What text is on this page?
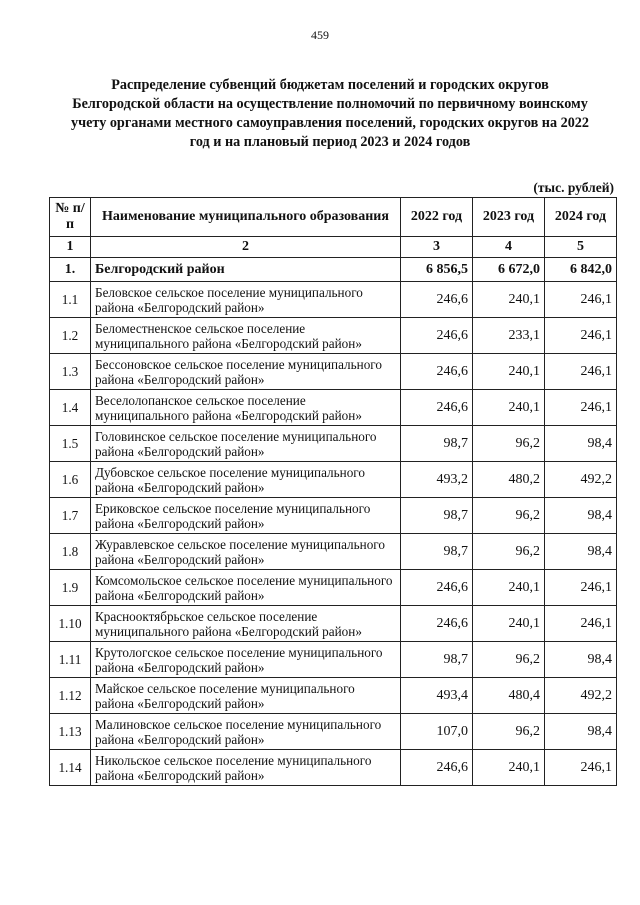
459
Распределение субвенций бюджетам поселений и городских округов Белгородской области на осуществление полномочий по первичному воинскому учету органами местного самоуправления поселений, городских округов на 2022 год и на плановый период 2023 и 2024 годов
(тыс. рублей)
№ п/п	Наименование муниципального образования	2022 год	2023 год	2024 год
1	2	3	4	5
1.	Белгородский район	6 856,5	6 672,0	6 842,0
1.1	Беловское сельское поселение муниципального района «Белгородский район»	246,6	240,1	246,1
1.2	Беломестненское сельское поселение муниципального района «Белгородский район»	246,6	233,1	246,1
1.3	Бессоновское сельское поселение муниципального района «Белгородский район»	246,6	240,1	246,1
1.4	Веселолопанское сельское поселение муниципального района «Белгородский район»	246,6	240,1	246,1
1.5	Головинское сельское поселение муниципального района «Белгородский район»	98,7	96,2	98,4
1.6	Дубовское сельское поселение муниципального района «Белгородский район»	493,2	480,2	492,2
1.7	Ериковское сельское поселение муниципального района «Белгородский район»	98,7	96,2	98,4
1.8	Журавлевское сельское поселение муниципального района «Белгородский район»	98,7	96,2	98,4
1.9	Комсомольское сельское поселение муниципального района «Белгородский район»	246,6	240,1	246,1
1.10	Краснооктябрьское сельское поселение муниципального района «Белгородский район»	246,6	240,1	246,1
1.11	Крутологское сельское поселение муниципального района «Белгородский район»	98,7	96,2	98,4
1.12	Майское сельское поселение муниципального района «Белгородский район»	493,4	480,4	492,2
1.13	Малиновское сельское поселение муниципального района «Белгородский район»	107,0	96,2	98,4
1.14	Никольское сельское поселение муниципального района «Белгородский район»	246,6	240,1	246,1
